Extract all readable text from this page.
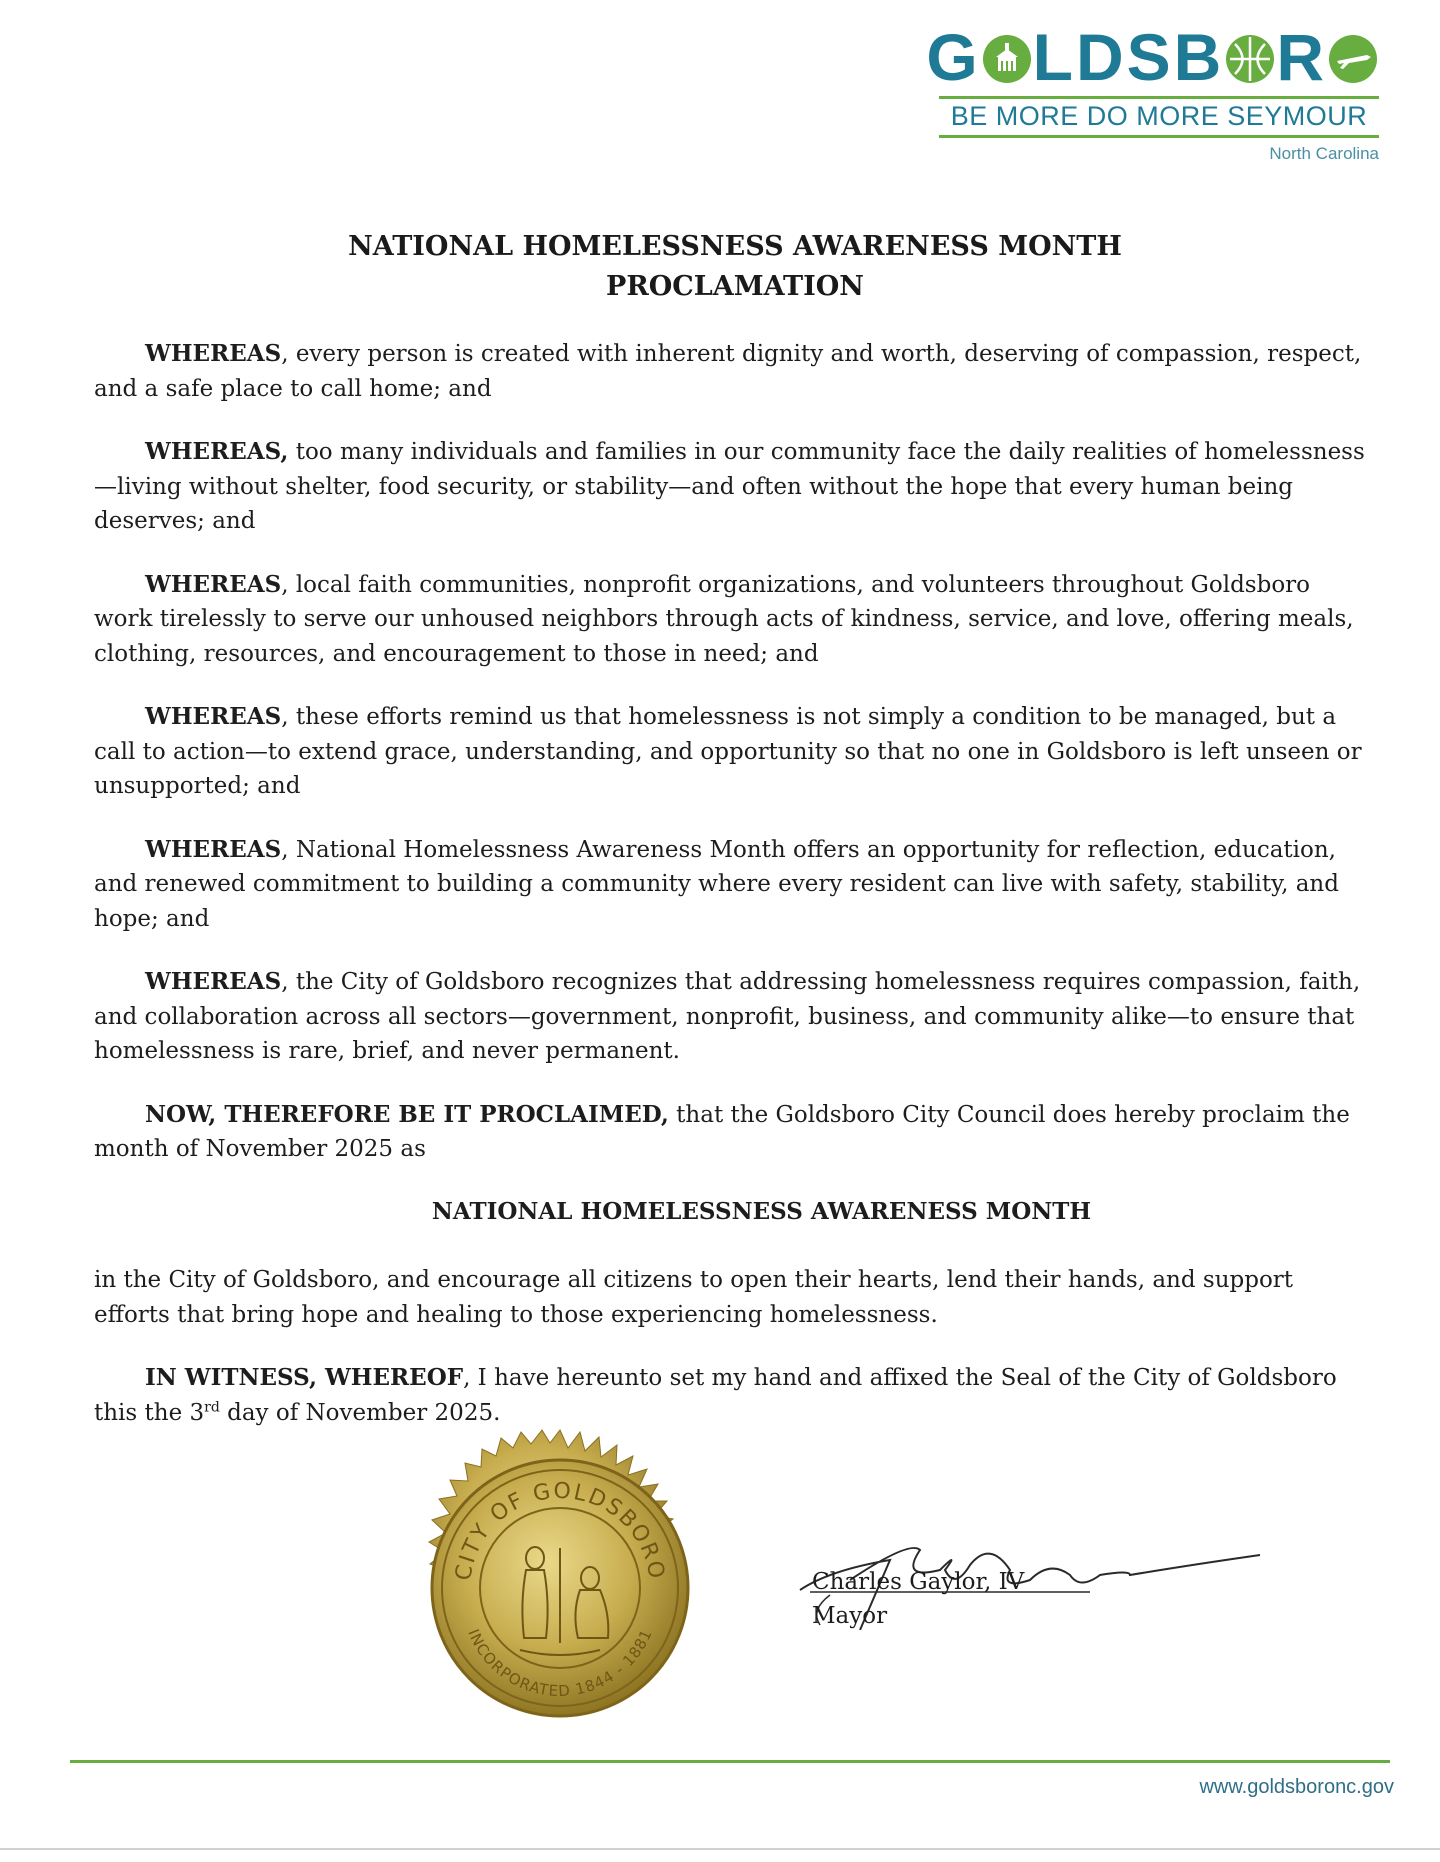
G LDSB R
BE MORE DO MORE SEYMOUR
North Carolina
NATIONAL HOMELESSNESS AWARENESS MONTH
PROCLAMATION

WHEREAS, every person is created with inherent dignity and worth, deserving of compassion, respect, and a safe place to call home; and

WHEREAS, too many individuals and families in our community face the daily realities of homelessness—living without shelter, food security, or stability—and often without the hope that every human being deserves; and

WHEREAS, local faith communities, nonprofit organizations, and volunteers throughout Goldsboro work tirelessly to serve our unhoused neighbors through acts of kindness, service, and love, offering meals, clothing, resources, and encouragement to those in need; and

WHEREAS, these efforts remind us that homelessness is not simply a condition to be managed, but a call to action—to extend grace, understanding, and opportunity so that no one in Goldsboro is left unseen or unsupported; and

WHEREAS, National Homelessness Awareness Month offers an opportunity for reflection, education, and renewed commitment to building a community where every resident can live with safety, stability, and hope; and

WHEREAS, the City of Goldsboro recognizes that addressing homelessness requires compassion, faith, and collaboration across all sectors—government, nonprofit, business, and community alike—to ensure that homelessness is rare, brief, and never permanent.

NOW, THEREFORE BE IT PROCLAIMED, that the Goldsboro City Council does hereby proclaim the month of November 2025 as

NATIONAL HOMELESSNESS AWARENESS MONTH

in the City of Goldsboro, and encourage all citizens to open their hearts, lend their hands, and support efforts that bring hope and healing to those experiencing homelessness.

IN WITNESS, WHEREOF, I have hereunto set my hand and affixed the Seal of the City of Goldsboro this the 3rd day of November 2025.

CITY OF GOLDSBORO
INCORPORATED 1844 - 1881
Charles Gaylor, IV
Mayor
www.goldsboronc.gov
